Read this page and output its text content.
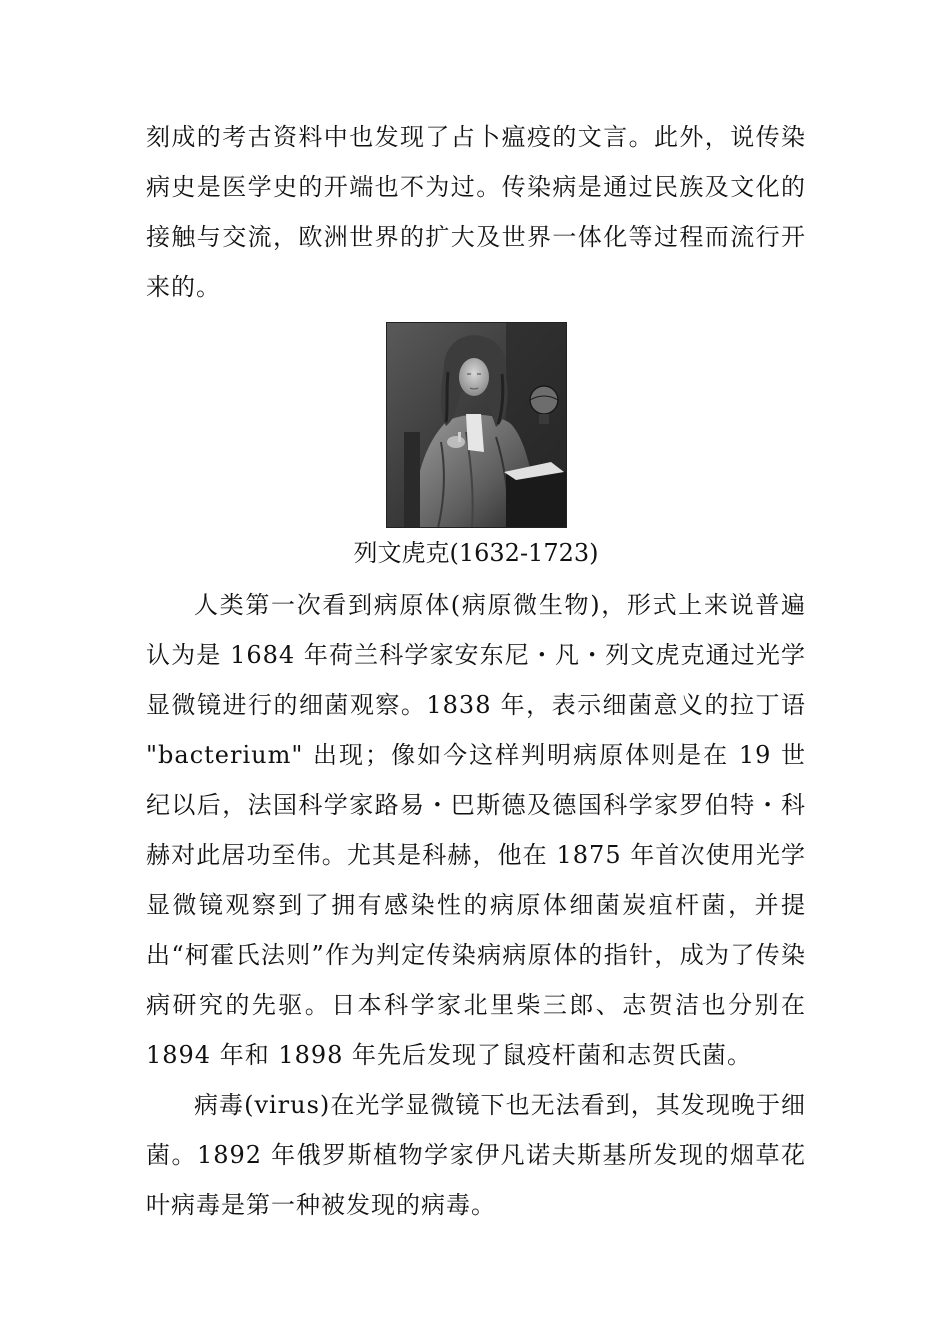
刻成的考古资料中也发现了占卜瘟疫的文言。此外，说传染病史是医学史的开端也不为过。传染病是通过民族及文化的接触与交流，欧洲世界的扩大及世界一体化等过程而流行开来的。

列文虎克(1632-1723)

人类第一次看到病原体(病原微生物)，形式上来说普遍认为是 1684 年荷兰科学家安东尼・凡・列文虎克通过光学显微镜进行的细菌观察。1838 年，表示细菌意义的拉丁语 "bacterium" 出现；像如今这样判明病原体则是在 19 世纪以后，法国科学家路易・巴斯德及德国科学家罗伯特・科赫对此居功至伟。尤其是科赫，他在 1875 年首次使用光学显微镜观察到了拥有感染性的病原体细菌炭疽杆菌，并提出“柯霍氏法则”作为判定传染病病原体的指针，成为了传染病研究的先驱。日本科学家北里柴三郎、志贺洁也分别在 1894 年和 1898 年先后发现了鼠疫杆菌和志贺氏菌。

病毒(virus)在光学显微镜下也无法看到，其发现晚于细菌。1892 年俄罗斯植物学家伊凡诺夫斯基所发现的烟草花叶病毒是第一种被发现的病毒。
